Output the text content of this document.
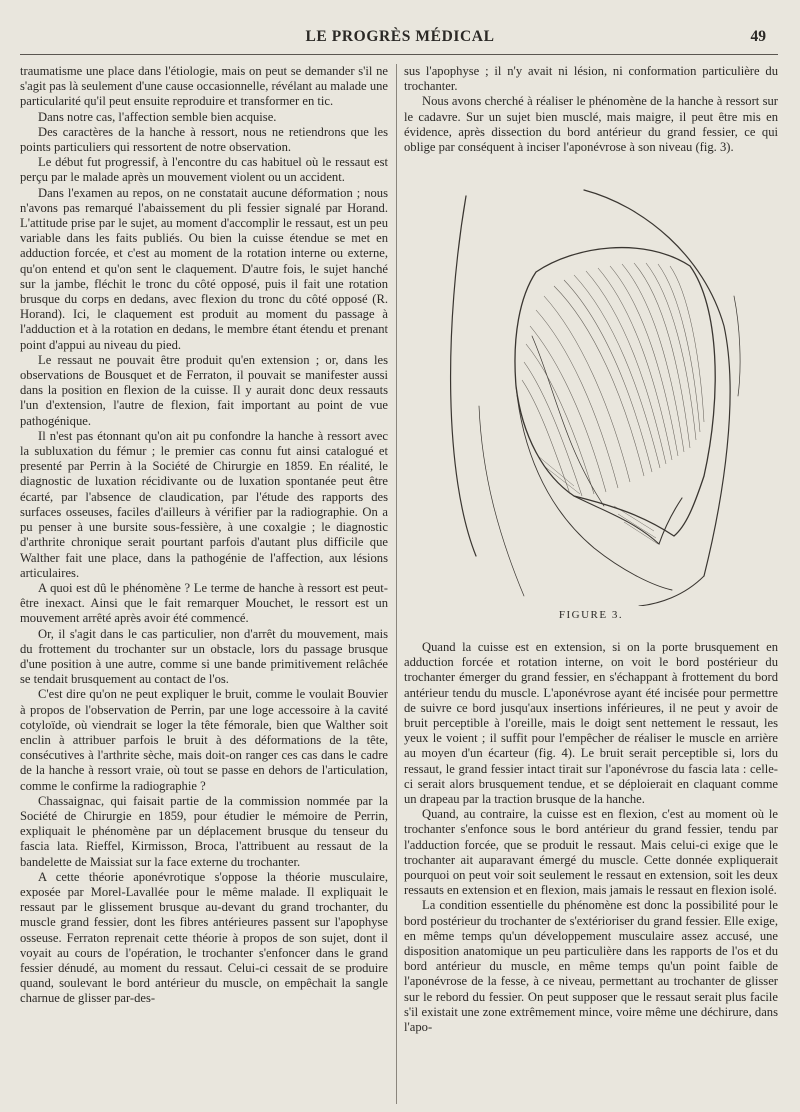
LE PROGRÈS MÉDICAL	49

traumatisme une place dans l'étiologie, mais on peut se demander s'il ne s'agit pas là seulement d'une cause occasionnelle, révélant au malade une particularité qu'il peut ensuite reproduire et transformer en tic.

Dans notre cas, l'affection semble bien acquise.

Des caractères de la hanche à ressort, nous ne retiendrons que les points particuliers qui ressortent de notre observation.

Le début fut progressif, à l'encontre du cas habituel où le ressaut est perçu par le malade après un mouvement violent ou un accident.

Dans l'examen au repos, on ne constatait aucune déformation ; nous n'avons pas remarqué l'abaissement du pli fessier signalé par Horand. L'attitude prise par le sujet, au moment d'accomplir le ressaut, est un peu variable dans les faits publiés. Ou bien la cuisse étendue se met en adduction forcée, et c'est au moment de la rotation interne ou externe, qu'on entend et qu'on sent le claquement. D'autre fois, le sujet hanché sur la jambe, fléchit le tronc du côté opposé, puis il fait une rotation brusque du corps en dedans, avec flexion du tronc du côté opposé (R. Horand). Ici, le claquement est produit au moment du passage à l'adduction et à la rotation en dedans, le membre étant étendu et prenant point d'appui au niveau du pied.

Le ressaut ne pouvait être produit qu'en extension ; or, dans les observations de Bousquet et de Ferraton, il pouvait se manifester aussi dans la position en flexion de la cuisse. Il y aurait donc deux ressauts l'un d'extension, l'autre de flexion, fait important au point de vue pathogénique.

Il n'est pas étonnant qu'on ait pu confondre la hanche à ressort avec la subluxation du fémur ; le premier cas connu fut ainsi catalogué et presenté par Perrin à la Société de Chirurgie en 1859. En réalité, le diagnostic de luxation récidivante ou de luxation spontanée peut être écarté, par l'absence de claudication, par l'étude des rapports des surfaces osseuses, faciles d'ailleurs à vérifier par la radiographie. On a pu penser à une bursite sous-fessière, à une coxalgie ; le diagnostic d'arthrite chronique serait pourtant parfois d'autant plus difficile que Walther fait une place, dans la pathogénie de l'affection, aux lésions articulaires.

A quoi est dû le phénomène ? Le terme de hanche à ressort est peut-être inexact. Ainsi que le fait remarquer Mouchet, le ressort est un mouvement arrêté après avoir été commencé.

Or, il s'agit dans le cas particulier, non d'arrêt du mouvement, mais du frottement du trochanter sur un obstacle, lors du passage brusque d'une position à une autre, comme si une bande primitivement relâchée se tendait brusquement au contact de l'os.

C'est dire qu'on ne peut expliquer le bruit, comme le voulait Bouvier à propos de l'observation de Perrin, par une loge accessoire à la cavité cotyloïde, où viendrait se loger la tête fémorale, bien que Walther soit enclin à attribuer parfois le bruit à des déformations de la tête, consécutives à l'arthrite sèche, mais doit-on ranger ces cas dans le cadre de la hanche à ressort vraie, où tout se passe en dehors de l'articulation, comme le confirme la radiographie ?

Chassaignac, qui faisait partie de la commission nommée par la Société de Chirurgie en 1859, pour étudier le mémoire de Perrin, expliquait le phénomène par un déplacement brusque du tenseur du fascia lata. Rieffel, Kirmisson, Broca, l'attribuent au ressaut de la bandelette de Maissiat sur la face externe du trochanter.

A cette théorie aponévrotique s'oppose la théorie musculaire, exposée par Morel-Lavallée pour le même malade. Il expliquait le ressaut par le glissement brusque au-devant du grand trochanter, du muscle grand fessier, dont les fibres antérieures passent sur l'apophyse osseuse. Ferraton reprenait cette théorie à propos de son sujet, dont il voyait au cours de l'opération, le trochanter s'enfoncer dans le grand fessier dénudé, au moment du ressaut. Celui-ci cessait de se produire quand, soulevant le bord antérieur du muscle, on empêchait la sangle charnue de glisser par-des-

sus l'apophyse ; il n'y avait ni lésion, ni conformation particulière du trochanter.

Nous avons cherché à réaliser le phénomène de la hanche à ressort sur le cadavre. Sur un sujet bien musclé, mais maigre, il peut être mis en évidence, après dissection du bord antérieur du grand fessier, ce qui oblige par conséquent à inciser l'aponévrose à son niveau (fig. 3).

FIGURE 3.

Quand la cuisse est en extension, si on la porte brusquement en adduction forcée et rotation interne, on voit le bord postérieur du trochanter émerger du grand fessier, en s'échappant à frottement du bord antérieur tendu du muscle. L'aponévrose ayant été incisée pour permettre de suivre ce bord jusqu'aux insertions inférieures, il ne peut y avoir de bruit perceptible à l'oreille, mais le doigt sent nettement le ressaut, les yeux le voient ; il suffit pour l'empêcher de réaliser le muscle en arrière au moyen d'un écarteur (fig. 4). Le bruit serait perceptible si, lors du ressaut, le grand fessier intact tirait sur l'aponévrose du fascia lata : celle-ci serait alors brusquement tendue, et se déploierait en claquant comme un drapeau par la traction brusque de la hanche.

Quand, au contraire, la cuisse est en flexion, c'est au moment où le trochanter s'enfonce sous le bord antérieur du grand fessier, tendu par l'adduction forcée, que se produit le ressaut. Mais celui-ci exige que le trochanter ait auparavant émergé du muscle. Cette donnée expliquerait pourquoi on peut voir soit seulement le ressaut en extension, soit les deux ressauts en extension et en flexion, mais jamais le ressaut en flexion isolé.

La condition essentielle du phénomène est donc la possibilité pour le bord postérieur du trochanter de s'extérioriser du grand fessier. Elle exige, en même temps qu'un développement musculaire assez accusé, une disposition anatomique un peu particulière dans les rapports de l'os et du bord antérieur du muscle, en même temps qu'un point faible de l'aponévrose de la fesse, à ce niveau, permettant au trochanter de glisser sur le rebord du fessier. On peut supposer que le ressaut serait plus facile s'il existait une zone extrêmement mince, voire même une déchirure, dans l'apo-
